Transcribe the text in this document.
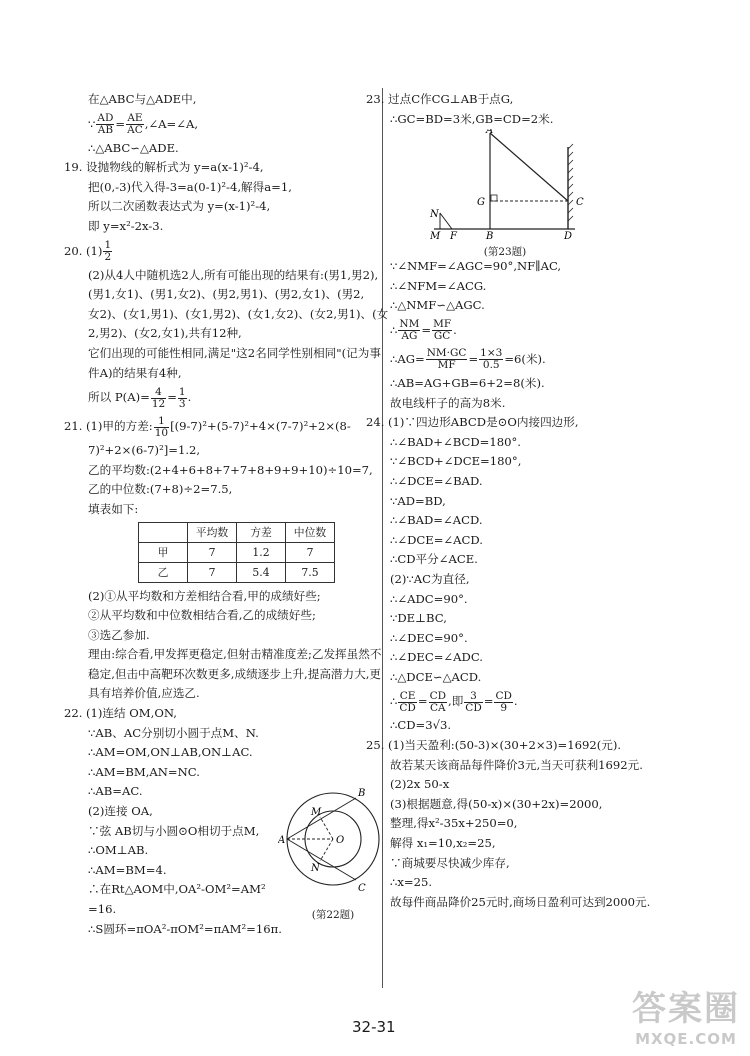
在△ABC与△ADE中,
∵ $\frac{AD}{AB} = \frac{AE}{AC}$ ,∠A=∠A,
∴△ABC∽△ADE.
19. 设抛物线的解析式为 y=a(x-1)²-4,
把(0,-3)代入得-3=a(0-1)²-4,解得a=1,
所以二次函数表达式为 y=(x-1)²-4,
即 y=x²-2x-3.
20. $(1) \frac{1}{2}$
(2)从4人中随机选2人,所有可能出现的结果有:(男1,男2),
(男1,女1)、(男1,女2)、(男2,男1)、(男2,女1)、(男2,
女2)、(女1,男1)、(女1,男2)、(女1,女2)、(女2,男1)、(女
2,男2)、(女2,女1),共有12种,
它们出现的可能性相同,满足"这2名同学性别相同"(记为事
件A)的结果有4种,
所以 $P(A)= \frac{4}{12} = \frac{1}{3}$ .
21. (1)甲的方差: $\frac{1}{10} [(9-7)^2+(5-7)^2+4\times(7-7)^2+2\times(8-$
7)²+2×(6-7)²]=1.2,
乙的平均数:(2+4+6+8+7+7+8+9+9+10)÷10=7,
乙的中位数:(7+8)÷2=7.5,
填表如下:
	平均数	方差	中位数
甲	7	1.2	7
乙	7	5.4	7.5
(2)①从平均数和方差相结合看,甲的成绩好些;
②从平均数和中位数相结合看,乙的成绩好些;
③选乙参加.
理由:综合看,甲发挥更稳定,但射击精准度差;乙发挥虽然不
稳定,但击中高靶环次数更多,成绩逐步上升,提高潜力大,更
具有培养价值,应选乙.
22. (1)连结 OM,ON,
∵AB、AC分别切小圆于点M、N.
∴AM=OM,ON⊥AB,ON⊥AC.
∴AM=BM,AN=NC.
∴AB=AC.
(2)连接 OA,
∵弦 AB切与小圆⊙O相切于点M,
∴OM⊥AB.
∴AM=BM=4.
∴在Rt△AOM中,OA²-OM²=AM²
=16.
∴S圆环=πOA²-πOM²=πAM²=16π.
A
B
C
M
N
O
(第22题)
23. 过点C作CG⊥AB于点G,
∴GC=BD=3米,GB=CD=2米.
A
G	C
N
M F	B	D
(第23题)
∵∠NMF=∠AGC=90°,NF∥AC,
∴∠NFM=∠ACG.
∴△NMF∽△AGC.
∴ $\frac{NM}{AG} = \frac{MF}{GC}$ .
∴AG= $\frac{NM\cdot GC}{MF} = \frac{1\times 3}{0.5} =6$(米).
∴AB=AG+GB=6+2=8(米).
故电线杆子的高为8米.
24. (1)∵四边形ABCD是⊙O内接四边形,
∴∠BAD+∠BCD=180°.
∵∠BCD+∠DCE=180°,
∴∠DCE=∠BAD.
∵AD=BD,
∴∠BAD=∠ACD.
∴∠DCE=∠ACD.
∴CD平分∠ACE.
(2)∵AC为直径,
∴∠ADC=90°.
∵DE⊥BC,
∴∠DEC=90°.
∴∠DEC=∠ADC.
∴△DCE∽△ACD.
∴ $\frac{CE}{CD} = \frac{CD}{CA}$ ,即 $\frac{3}{CD} = \frac{CD}{9}$ .
∴CD=3√3.
25. (1)当天盈利:(50-3)×(30+2×3)=1692(元).
故若某天该商品每件降价3元,当天可获利1692元.
(2)2x 50-x
(3)根据题意,得(50-x)×(30+2x)=2000,
整理,得x²-35x+250=0,
解得 x₁=10,x₂=25,
∵商城要尽快减少库存,
∴x=25.
故每件商品降价25元时,商场日盈利可达到2000元.
32-31	答案圈
MXQE.COM
